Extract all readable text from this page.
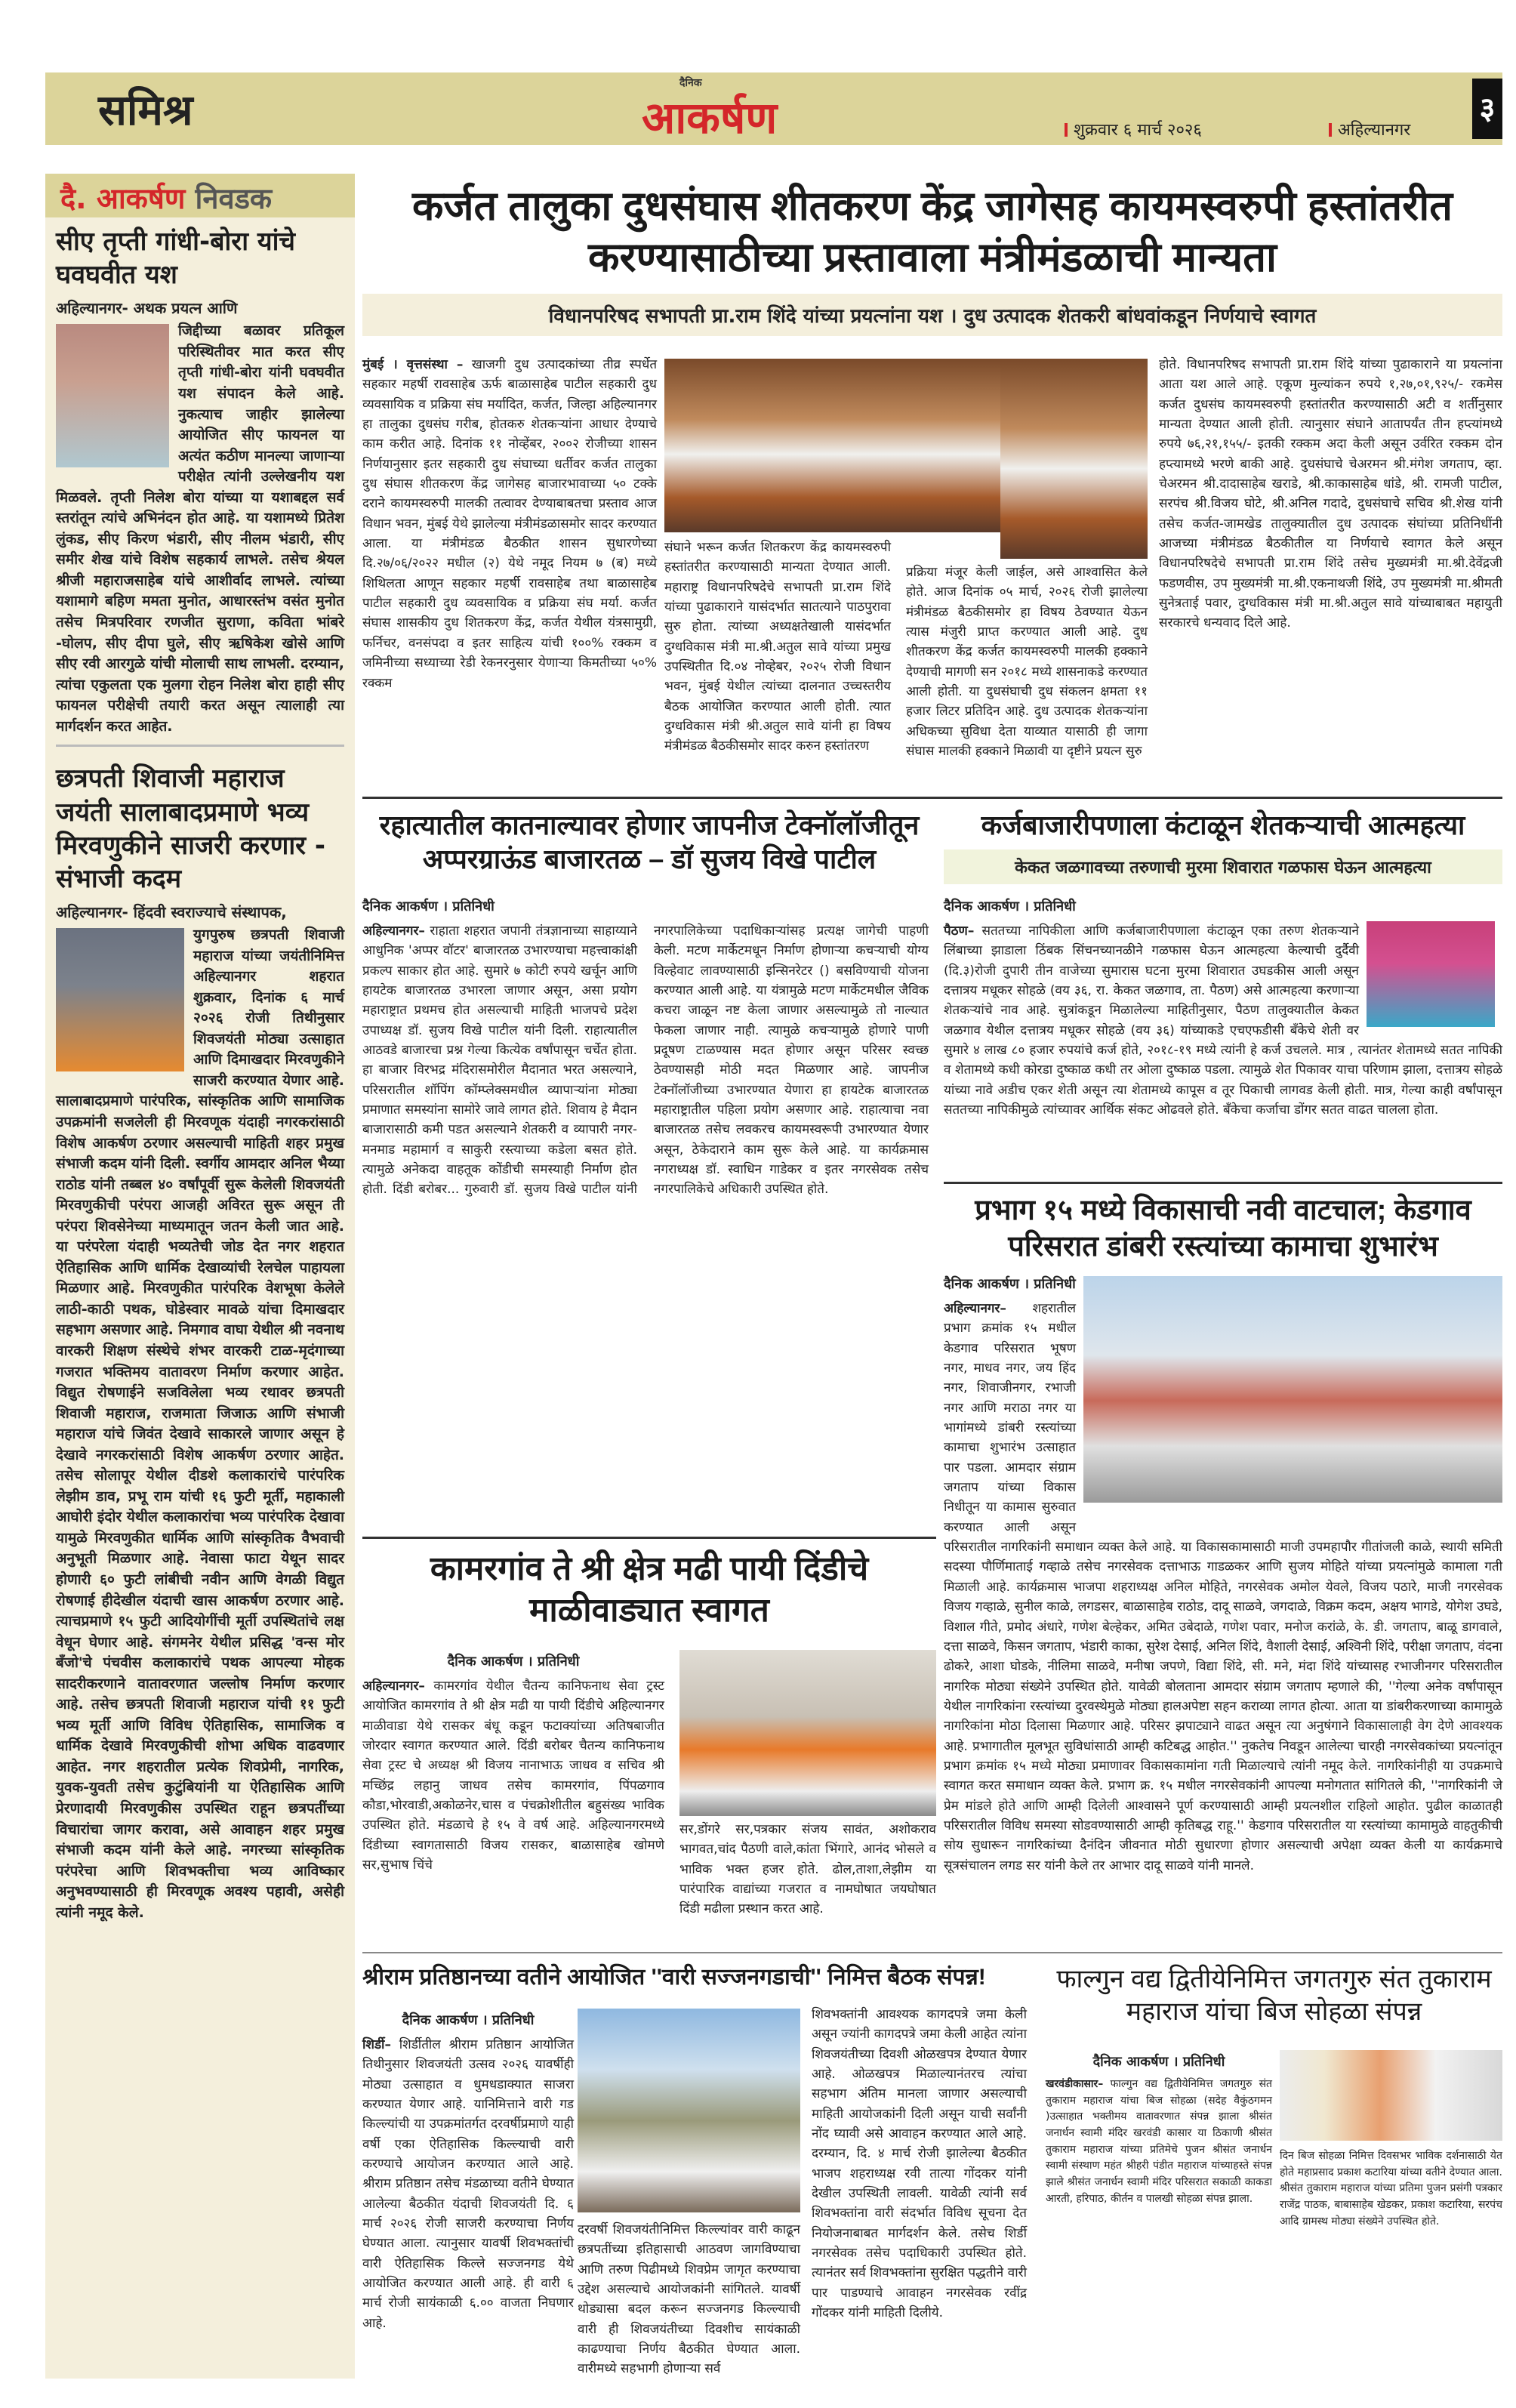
समिश्र
दैनिक
आकर्षण	शुक्रवार ६ मार्च २०२६	अहिल्यानगर
३
दै. आकर्षण निवडक
सीए तृप्ती गांधी-बोरा यांचे घवघवीत यश
अहिल्यानगर- अथक प्रयत्न आणि
जिद्दीच्या बळावर प्रतिकूल परिस्थितीवर मात करत सीए तृप्ती गांधी-बोरा यांनी घवघवीत यश संपादन केले आहे. नुकत्याच जाहीर झालेल्या आयोजित सीए फायनल या अत्यंत कठीण मानल्या जाणाऱ्या परीक्षेत त्यांनी उल्लेखनीय यश मिळवले. तृप्ती निलेश बोरा यांच्या या यशाबद्दल सर्व स्तरांतून त्यांचे अभिनंदन होत आहे. या यशामध्ये प्रितेश लुंकड, सीए किरण भंडारी, सीए नीलम भंडारी, सीए समीर शेख यांचे विशेष सहकार्य लाभले. तसेच श्रेयल श्रीजी महाराजसाहेब यांचे आशीर्वाद लाभले. त्यांच्या यशामागे बहिण ममता मुनोत, आधारस्तंभ वसंत मुनोत तसेच मित्रपरिवार रणजीत सुराणा, कविता भांबरे -घोलप, सीए दीपा घुले, सीए ऋषिकेश खोसे आणि सीए रवी आरगुळे यांची मोलाची साथ लाभली. दरम्यान, त्यांचा एकुलता एक मुलगा रोहन निलेश बोरा हाही सीए फायनल परीक्षेची तयारी करत असून त्यालाही त्या मार्गदर्शन करत आहेत.
छत्रपती शिवाजी महाराज जयंती सालाबादप्रमाणे भव्य मिरवणुकीने साजरी करणार - संभाजी कदम
अहिल्यानगर- हिंदवी स्वराज्याचे संस्थापक,
युगपुरुष छत्रपती शिवाजी महाराज यांच्या जयंतीनिमित्त अहिल्यानगर शहरात शुक्रवार, दिनांक ६ मार्च २०२६ रोजी तिथीनुसार शिवजयंती मोठ्या उत्साहात आणि दिमाखदार मिरवणुकीने साजरी करण्यात येणार आहे. सालाबादप्रमाणे पारंपरिक, सांस्कृतिक आणि सामाजिक उपक्रमांनी सजलेली ही मिरवणूक यंदाही नगरकरांसाठी विशेष आकर्षण ठरणार असल्याची माहिती शहर प्रमुख संभाजी कदम यांनी दिली. स्वर्गीय आमदार अनिल भैय्या राठोड यांनी तब्बल ४० वर्षांपूर्वी सुरू केलेली शिवजयंती मिरवणुकीची परंपरा आजही अविरत सुरू असून ती परंपरा शिवसेनेच्या माध्यमातून जतन केली जात आहे. या परंपरेला यंदाही भव्यतेची जोड देत नगर शहरात ऐतिहासिक आणि धार्मिक देखाव्यांची रेलचेल पाहायला मिळणार आहे. मिरवणुकीत पारंपरिक वेशभूषा केलेले लाठी-काठी पथक, घोडेस्वार मावळे यांचा दिमाखदार सहभाग असणार आहे. निमगाव वाघा येथील श्री नवनाथ वारकरी शिक्षण संस्थेचे शंभर वारकरी टाळ-मृदंगाच्या गजरात भक्तिमय वातावरण निर्माण करणार आहेत. विद्युत रोषणाईने सजविलेला भव्य रथावर छत्रपती शिवाजी महाराज, राजमाता जिजाऊ आणि संभाजी महाराज यांचे जिवंत देखावे साकारले जाणार असून हे देखावे नगरकरांसाठी विशेष आकर्षण ठरणार आहेत. तसेच सोलापूर येथील दीडशे कलाकारांचे पारंपरिक लेझीम डाव, प्रभू राम यांची १६ फुटी मूर्ती, महाकाली आघोरी इंदोर येथील कलाकारांचा भव्य पारंपरिक देखावा यामुळे मिरवणुकीत धार्मिक आणि सांस्कृतिक वैभवाची अनुभूती मिळणार आहे. नेवासा फाटा येथून सादर होणारी ६० फुटी लांबीची नवीन आणि वेगळी विद्युत रोषणाई हीदेखील यंदाची खास आकर्षण ठरणार आहे. त्याचप्रमाणे १५ फुटी आदियोगींची मूर्ती उपस्थितांचे लक्ष वेधून घेणार आहे. संगमनेर येथील प्रसिद्ध 'वन्स मोर बँजो'चे पंचवीस कलाकारांचे पथक आपल्या मोहक सादरीकरणाने वातावरणात जल्लोष निर्माण करणार आहे. तसेच छत्रपती शिवाजी महाराज यांची ११ फुटी भव्य मूर्ती आणि विविध ऐतिहासिक, सामाजिक व धार्मिक देखावे मिरवणुकीची शोभा अधिक वाढवणार आहेत. नगर शहरातील प्रत्येक शिवप्रेमी, नागरिक, युवक-युवती तसेच कुटुंबियांनी या ऐतिहासिक आणि प्रेरणादायी मिरवणुकीस उपस्थित राहून छत्रपतींच्या विचारांचा जागर करावा, असे आवाहन शहर प्रमुख संभाजी कदम यांनी केले आहे. नगरच्या सांस्कृतिक परंपरेचा आणि शिवभक्तीचा भव्य आविष्कार अनुभवण्यासाठी ही मिरवणूक अवश्य पहावी, असेही त्यांनी नमूद केले.
कर्जत तालुका दुधसंघास शीतकरण केंद्र जागेसह कायमस्वरुपी हस्तांतरीत करण्यासाठीच्या प्रस्तावाला मंत्रीमंडळाची मान्यता
विधानपरिषद सभापती प्रा.राम शिंदे यांच्या प्रयत्नांना यश । दुध उत्पादक शेतकरी बांधवांकडून निर्णयाचे स्वागत
मुंबई । वृत्तसंस्था – खाजगी दुध उत्पादकांच्या तीव्र स्पर्धेत सहकार महर्षी रावसाहेब ऊर्फ बाळासाहेब पाटील सहकारी दुध व्यवसायिक व प्रक्रिया संघ मर्यादित, कर्जत, जिल्हा अहिल्यानगर हा तालुका दुधसंघ गरीब, होतकरु शेतकऱ्यांना आधार देण्याचे काम करीत आहे. दिनांक ११ नोव्हेंबर, २००२ रोजीच्या शासन निर्णयानुसार इतर सहकारी दुध संघाच्या धर्तीवर कर्जत तालुका दुध संघास शीतकरण केंद्र जागेसह बाजारभावाच्या ५० टक्के दराने कायमस्वरुपी मालकी तत्वावर देण्याबाबतचा प्रस्ताव आज विधान भवन, मुंबई येथे झालेल्या मंत्रीमंडळासमोर सादर करण्यात आला. या मंत्रीमंडळ बैठकीत शासन सुधारणेच्या दि.२७/०६/२०२२ मधील (२) येथे नमूद नियम ७ (ब) मध्ये शिथिलता आणून सहकार महर्षी रावसाहेब तथा बाळासाहेब पाटील सहकारी दुध व्यवसायिक व प्रक्रिया संघ मर्या. कर्जत संघास शासकीय दुध शितकरण केंद्र, कर्जत येथील यंत्रसामुग्री, फर्निचर, वनसंपदा व इतर साहित्य यांची १००% रक्कम व जमिनीच्या सध्याच्या रेडी रेकनरनुसार येणाऱ्या किमतीच्या ५०% रक्कम
संघाने भरून कर्जत शितकरण केंद्र कायमस्वरुपी हस्तांतरीत करण्यासाठी मान्यता देण्यात आली. महाराष्ट्र विधानपरिषदेचे सभापती प्रा.राम शिंदे यांच्या पुढाकाराने यासंदर्भात सातत्याने पाठपुरावा सुरु होता. त्यांच्या अध्यक्षतेखाली यासंदर्भात दुग्धविकास मंत्री मा.श्री.अतुल सावे यांच्या प्रमुख उपस्थितीत दि.०४ नोव्हेबर, २०२५ रोजी विधान भवन, मुंबई येथील त्यांच्या दालनात उच्चस्तरीय बैठक आयोजित करण्यात आली होती. त्यात दुग्धविकास मंत्री श्री.अतुल सावे यांनी हा विषय मंत्रीमंडळ बैठकीसमोर सादर करुन हस्तांतरण
प्रक्रिया मंजूर केली जाईल, असे आश्वासित केले होते. आज दिनांक ०५ मार्च, २०२६ रोजी झालेल्या मंत्रीमंडळ बैठकीसमोर हा विषय ठेवण्यात येऊन त्यास मंजुरी प्राप्त करण्यात आली आहे. दुध शीतकरण केंद्र कर्जत कायमस्वरुपी मालकी हक्काने देण्याची मागणी सन २०१८ मध्ये शासनाकडे करण्यात आली होती. या दुधसंघाची दुध संकलन क्षमता ११ हजार लिटर प्रतिदिन आहे. दुध उत्पादक शेतकऱ्यांना अधिकच्या सुविधा देता याव्यात यासाठी ही जागा संघास मालकी हक्काने मिळावी या दृष्टीने प्रयत्न सुरु
होते. विधानपरिषद सभापती प्रा.राम शिंदे यांच्या पुढाकाराने या प्रयत्नांना आता यश आले आहे. एकूण मुल्यांकन रुपये १,२७,०१,९२५/- रकमेस कर्जत दुधसंघ कायमस्वरुपी हस्तांतरीत करण्यासाठी अटी व शर्तीनुसार मान्यता देण्यात आली होती. त्यानुसार संघाने आतापर्यंत तीन हप्त्यांमध्ये रुपये ७६,२१,१५५/- इतकी रक्कम अदा केली असून उर्वरित रक्कम दोन हप्त्यामध्ये भरणे बाकी आहे. दुधसंघाचे चेअरमन श्री.मंगेश जगताप, व्हा. चेअरमन श्री.दादासाहेब खराडे, श्री.काकासाहेब धांडे, श्री. रामजी पाटील, सरपंच श्री.विजय घोटे, श्री.अनिल गदादे, दुधसंघाचे सचिव श्री.शेख यांनी तसेच कर्जत-जामखेड तालुक्यातील दुध उत्पादक संघांच्या प्रतिनिधींनी आजच्या मंत्रीमंडळ बैठकीतील या निर्णयाचे स्वागत केले असून विधानपरिषदेचे सभापती प्रा.राम शिंदे तसेच मुख्यमंत्री मा.श्री.देवेंद्रजी फडणवीस, उप मुख्यमंत्री मा.श्री.एकनाथजी शिंदे, उप मुख्यमंत्री मा.श्रीमती सुनेत्रताई पवार, दुग्धविकास मंत्री मा.श्री.अतुल सावे यांच्याबाबत महायुती सरकारचे धन्यवाद दिले आहे.
रहात्यातील कातनाल्यावर होणार जापनीज टेक्नॉलॉजीतून अप्परग्राऊंड बाजारतळ – डॉ सुजय विखे पाटील
दैनिक आकर्षण । प्रतिनिधी
अहिल्यानगर– राहाता शहरात जपानी तंत्रज्ञानाच्या साहाय्याने आधुनिक 'अप्पर वॉटर' बाजारतळ उभारण्याचा महत्त्वाकांक्षी प्रकल्प साकार होत आहे. सुमारे ७ कोटी रुपये खर्चून आणि हायटेक बाजारतळ उभारला जाणार असून, असा प्रयोग महाराष्ट्रात प्रथमच होत असल्याची माहिती भाजपचे प्रदेश उपाध्यक्ष डॉ. सुजय विखे पाटील यांनी दिली. राहात्यातील आठवडे बाजारचा प्रश्न गेल्या कित्येक वर्षांपासून चर्चेत होता. हा बाजार विरभद्र मंदिरासमोरील मैदानात भरत असल्याने, परिसरातील शॉपिंग कॉम्प्लेक्समधील व्यापाऱ्यांना मोठ्या प्रमाणात समस्यांना सामोरे जावे लागत होते. शिवाय हे मैदान बाजारासाठी कमी पडत असल्याने शेतकरी व व्यापारी नगर-मनमाड महामार्ग व साकुरी रस्त्याच्या कडेला बसत होते. त्यामुळे अनेकदा वाहतूक कोंडीची समस्याही निर्माण होत होती. दिंडी बरोबर... गुरुवारी डॉ. सुजय विखे पाटील यांनी नगरपालिकेच्या पदाधिकाऱ्यांसह प्रत्यक्ष जागेची पाहणी केली. मटण मार्केटमधून निर्माण होणाऱ्या कचऱ्याची योग्य विल्हेवाट लावण्यासाठी इन्सिनरेटर () बसविण्याची योजना करण्यात आली आहे. या यंत्रामुळे मटण मार्केटमधील जैविक कचरा जाळून नष्ट केला जाणार असल्यामुळे तो नाल्यात फेकला जाणार नाही. त्यामुळे कचऱ्यामुळे होणारे पाणी प्रदूषण टाळण्यास मदत होणार असून परिसर स्वच्छ ठेवण्यासही मोठी मदत मिळणार आहे. जापनीज टेक्नॉलॉजीच्या उभारण्यात येणारा हा हायटेक बाजारतळ महाराष्ट्रातील पहिला प्रयोग असणार आहे. राहात्याचा नवा बाजारतळ तसेच लवकरच कायमस्वरूपी उभारण्यात येणार असून, ठेकेदाराने काम सुरू केले आहे. या कार्यक्रमास नगराध्यक्ष डॉ. स्वाधिन गाडेकर व इतर नगरसेवक तसेच नगरपालिकेचे अधिकारी उपस्थित होते.
कर्जबाजारीपणाला कंटाळून शेतकऱ्याची आत्महत्या
केकत जळगावच्या तरुणाची मुरमा शिवारात गळफास घेऊन आत्महत्या
दैनिक आकर्षण । प्रतिनिधी
पैठण– सततच्या नापिकीला आणि कर्जबाजारीपणाला कंटाळून एका तरुण शेतकऱ्याने लिंबाच्या झाडाला ठिंबक सिंचनच्यानळीने गळफास घेऊन आत्महत्या केल्याची दुर्दैवी (दि.३)रोजी दुपारी तीन वाजेच्या सुमारास घटना मुरमा शिवारात उघडकीस आली असून दत्तात्रय मधूकर सोहळे (वय ३६, रा. केकत जळगाव, ता. पैठण) असे आत्महत्या करणाऱ्या शेतकऱ्यांचे नाव आहे. सुत्रांकडून मिळालेल्या माहितीनुसार, पैठण तालुक्यातील केकत जळगाव येथील दत्तात्रय मधूकर सोहळे (वय ३६) यांच्याकडे एचएफडीसी बँकेचे शेती वर सुमारे ४ लाख ८० हजार रुपयांचे कर्ज होते, २०१८-१९ मध्ये त्यांनी हे कर्ज उचलले. मात्र , त्यानंतर शेतामध्ये सतत नापिकी व शेतामध्ये कधी कोरडा दुष्काळ कधी तर ओला दुष्काळ पडला. त्यामुळे शेत पिकावर याचा परिणाम झाला, दत्तात्रय सोहळे यांच्या नावे अडीच एकर शेती असून त्या शेतामध्ये कापूस व तूर पिकाची लागवड केली होती. मात्र, गेल्या काही वर्षांपासून सततच्या नापिकीमुळे त्यांच्यावर आर्थिक संकट ओढवले होते. बँकेचा कर्जाचा डोंगर सतत वाढत चालला होता.
प्रभाग १५ मध्ये विकासाची नवी वाटचाल; केडगाव परिसरात डांबरी रस्त्यांच्या कामाचा शुभारंभ
दैनिक आकर्षण । प्रतिनिधी
अहिल्यानगर– शहरातील प्रभाग क्रमांक १५ मधील केडगाव परिसरात भूषण नगर, माधव नगर, जय हिंद नगर, शिवाजीनगर, रभाजी नगर आणि मराठा नगर या भागांमध्ये डांबरी रस्त्यांच्या कामाचा शुभारंभ उत्साहात पार पडला. आमदार संग्राम जगताप यांच्या विकास निधीतून या कामास सुरुवात करण्यात आली असून परिसरातील नागरिकांनी समाधान व्यक्त केले आहे. या विकासकामासाठी माजी उपमहापौर गीतांजली काळे, स्थायी समिती सदस्या पौर्णिमाताई गव्हाळे तसेच नगरसेवक दत्ताभाऊ गाडळकर आणि सुजय मोहिते यांच्या प्रयत्नांमुळे कामाला गती मिळाली आहे. कार्यक्रमास भाजपा शहराध्यक्ष अनिल मोहिते, नगरसेवक अमोल येवले, विजय पठारे, माजी नगरसेवक विजय गव्हाळे, सुनील काळे, लगडसर, बाळासाहेब राठोड, दादू साळवे, जगदाळे, विक्रम कदम, अक्षय भागडे, योगेश उघडे, विशाल गीते, प्रमोद अंधारे, गणेश बेल्हेकर, अमित उबेदाळे, गणेश पवार, मनोज करांळे, के. डी. जगताप, बाळू डागवाले, दत्ता साळवे, किसन जगताप, भंडारी काका, सुरेश देसाई, अनिल शिंदे, वैशाली देसाई, अश्विनी शिंदे, परीक्षा जगताप, वंदना ढोकरे, आशा घोडके, नीलिमा साळवे, मनीषा जपणे, विद्या शिंदे, सी. मने, मंदा शिंदे यांच्यासह रभाजीनगर परिसरातील नागरिक मोठ्या संख्येने उपस्थित होते. यावेळी बोलताना आमदार संग्राम जगताप म्हणाले की, ''गेल्या अनेक वर्षांपासून येथील नागरिकांना रस्त्यांच्या दुरवस्थेमुळे मोठ्या हालअपेष्टा सहन कराव्या लागत होत्या. आता या डांबरीकरणाच्या कामामुळे नागरिकांना मोठा दिलासा मिळणार आहे. परिसर झपाट्याने वाढत असून त्या अनुषंगाने विकासालाही वेग देणे आवश्यक आहे. प्रभागातील मूलभूत सुविधांसाठी आम्ही कटिबद्ध आहोत.'' नुकतेच निवडून आलेल्या चारही नगरसेवकांच्या प्रयत्नांतून प्रभाग क्रमांक १५ मध्ये मोठ्या प्रमाणावर विकासकामांना गती मिळाल्याचे त्यांनी नमूद केले. नागरिकांनीही या उपक्रमाचे स्वागत करत समाधान व्यक्त केले. प्रभाग क्र. १५ मधील नगरसेवकांनी आपल्या मनोगतात सांगितले की, ''नागरिकांनी जे प्रेम मांडले होते आणि आम्ही दिलेली आश्वासने पूर्ण करण्यासाठी आम्ही प्रयत्नशील राहिलो आहोत. पुढील काळातही परिसरातील विविध समस्या सोडवण्यासाठी आम्ही कृतिबद्ध राहू.'' केडगाव परिसरातील या रस्त्यांच्या कामामुळे वाहतुकीची सोय सुधारून नागरिकांच्या दैनंदिन जीवनात मोठी सुधारणा होणार असल्याची अपेक्षा व्यक्त केली या कार्यक्रमाचे सूत्रसंचालन लगड सर यांनी केले तर आभार दादू साळवे यांनी मानले.
कामरगांव ते श्री क्षेत्र मढी पायी दिंडीचे माळीवाड्यात स्वागत
दैनिक आकर्षण । प्रतिनिधी
अहिल्यानगर– कामरगांव येथील चैतन्य कानिफनाथ सेवा ट्रस्ट आयोजित कामरगांव ते श्री क्षेत्र मढी या पायी दिंडीचे अहिल्यानगर माळीवाडा येथे रासकर बंधू कडून फटाक्यांच्या अतिषबाजीत जोरदार स्वागत करण्यात आले. दिंडी बरोबर चैतन्य कानिफनाथ सेवा ट्रस्ट चे अध्यक्ष श्री विजय नानाभाऊ जाधव व सचिव श्री मच्छिंद्र लहानु जाधव तसेच कामरगांव, पिंपळगाव कौडा,भोरवाडी,अकोळनेर,चास व पंचक्रोशीतील बहुसंख्य भाविक उपस्थित होते. मंडळाचे हे १५ वे वर्ष आहे. अहिल्यानगरमध्ये दिंडीच्या स्वागतासाठी विजय रासकर, बाळासाहेब खोमणे सर,सुभाष चिंचे
सर,डोंगरे सर,पत्रकार संजय सावंत, अशोकराव भागवत,चांद पैठणी वाले,कांता भिंगारे, आनंद भोसले व भाविक भक्त हजर होते. ढोल,ताशा,लेझीम या पारंपारिक वाद्यांच्या गजरात व नामघोषात जयघोषात दिंडी मढीला प्रस्थान करत आहे.
श्रीराम प्रतिष्ठानच्या वतीने आयोजित ''वारी सज्जनगडाची'' निमित्त बैठक संपन्न!
दैनिक आकर्षण । प्रतिनिधी
शिर्डी– शिर्डीतील श्रीराम प्रतिष्ठान आयोजित तिथीनुसार शिवजयंती उत्सव २०२६ यावर्षीही मोठ्या उत्साहात व धुमधडाक्यात साजरा करण्यात येणार आहे. यानिमित्ताने वारी गड किल्ल्यांची या उपक्रमांतर्गत दरवर्षीप्रमाणे याही वर्षी एका ऐतिहासिक किल्ल्याची वारी करण्याचे आयोजन करण्यात आले आहे. श्रीराम प्रतिष्ठान तसेच मंडळाच्या वतीने घेण्यात आलेल्या बैठकीत यंदाची शिवजयंती दि. ६ मार्च २०२६ रोजी साजरी करण्याचा निर्णय घेण्यात आला. त्यानुसार यावर्षी शिवभक्तांची वारी ऐतिहासिक किल्ले सज्जनगड येथे आयोजित करण्यात आली आहे. ही वारी ६ मार्च रोजी सायंकाळी ६.०० वाजता निघणार आहे.
दरवर्षी शिवजयंतीनिमित्त किल्ल्यांवर वारी काढून छत्रपतींच्या इतिहासाची आठवण जागविण्याचा आणि तरुण पिढीमध्ये शिवप्रेम जागृत करण्याचा उद्देश असल्याचे आयोजकांनी सांगितले. यावर्षी थोड्यासा बदल करून सज्जनगड किल्ल्याची वारी ही शिवजयंतीच्या दिवशीच सायंकाळी काढण्याचा निर्णय बैठकीत घेण्यात आला. वारीमध्ये सहभागी होणाऱ्या सर्व
शिवभक्तांनी आवश्यक कागदपत्रे जमा केली असून ज्यांनी कागदपत्रे जमा केली आहेत त्यांना शिवजयंतीच्या दिवशी ओळखपत्र देण्यात येणार आहे. ओळखपत्र मिळाल्यानंतरच त्यांचा सहभाग अंतिम मानला जाणार असल्याची माहिती आयोजकांनी दिली असून याची सर्वांनी नोंद घ्यावी असे आवाहन करण्यात आले आहे. दरम्यान, दि. ४ मार्च रोजी झालेल्या बैठकीत भाजप शहराध्यक्ष रवी तात्या गोंदकर यांनी देखील उपस्थिती लावली. यावेळी त्यांनी सर्व शिवभक्तांना वारी संदर्भात विविध सूचना देत नियोजनाबाबत मार्गदर्शन केले. तसेच शिर्डी नगरसेवक तसेच पदाधिकारी उपस्थित होते. त्यानंतर सर्व शिवभक्तांना सुरक्षित पद्धतीने वारी पार पाडण्याचे आवाहन नगरसेवक रवींद्र गोंदकर यांनी माहिती दिलीये.
फाल्गुन वद्य द्वितीयेनिमित्त जगतगुरु संत तुकाराम महाराज यांचा बिज सोहळा संपन्न
दैनिक आकर्षण । प्रतिनिधी
खरवंडीकासार– फाल्गुन वद्य द्वितीयेनिमित्त जगतगुरु संत तुकाराम महाराज यांचा बिज सोहळा (सदेह वैकुंठगमन )उत्साहात भक्तीमय वातावरणात संपन्न झाला श्रीसंत जनार्धन स्वामी मंदिर खरवंडी कासार या ठिकाणी श्रीसंत तुकाराम महाराज यांच्या प्रतिमेचे पुजन श्रीसंत जनार्धन स्वामी संस्थाण महंत श्रीहरी पंडीत महाराज यांच्याहस्ते संपन्न झाले श्रीसंत जनार्धन स्वामी मंदिर परिसरात सकाळी काकडा आरती, हरिपाठ, कीर्तन व पालखी सोहळा संपन्न झाला.
दिन बिज सोहळा निमित्त दिवसभर भाविक दर्शनासाठी येत होते महाप्रसाद प्रकाश कटारिया यांच्या वतीने देण्यात आला. श्रीसंत तुकाराम महाराज यांच्या प्रतिमा पुजन प्रसंगी पत्रकार राजेंद्र पाठक, बाबासाहेब खेडकर, प्रकाश कटारिया, सरपंच आदि ग्रामस्थ मोठ्या संख्येने उपस्थित होते.
